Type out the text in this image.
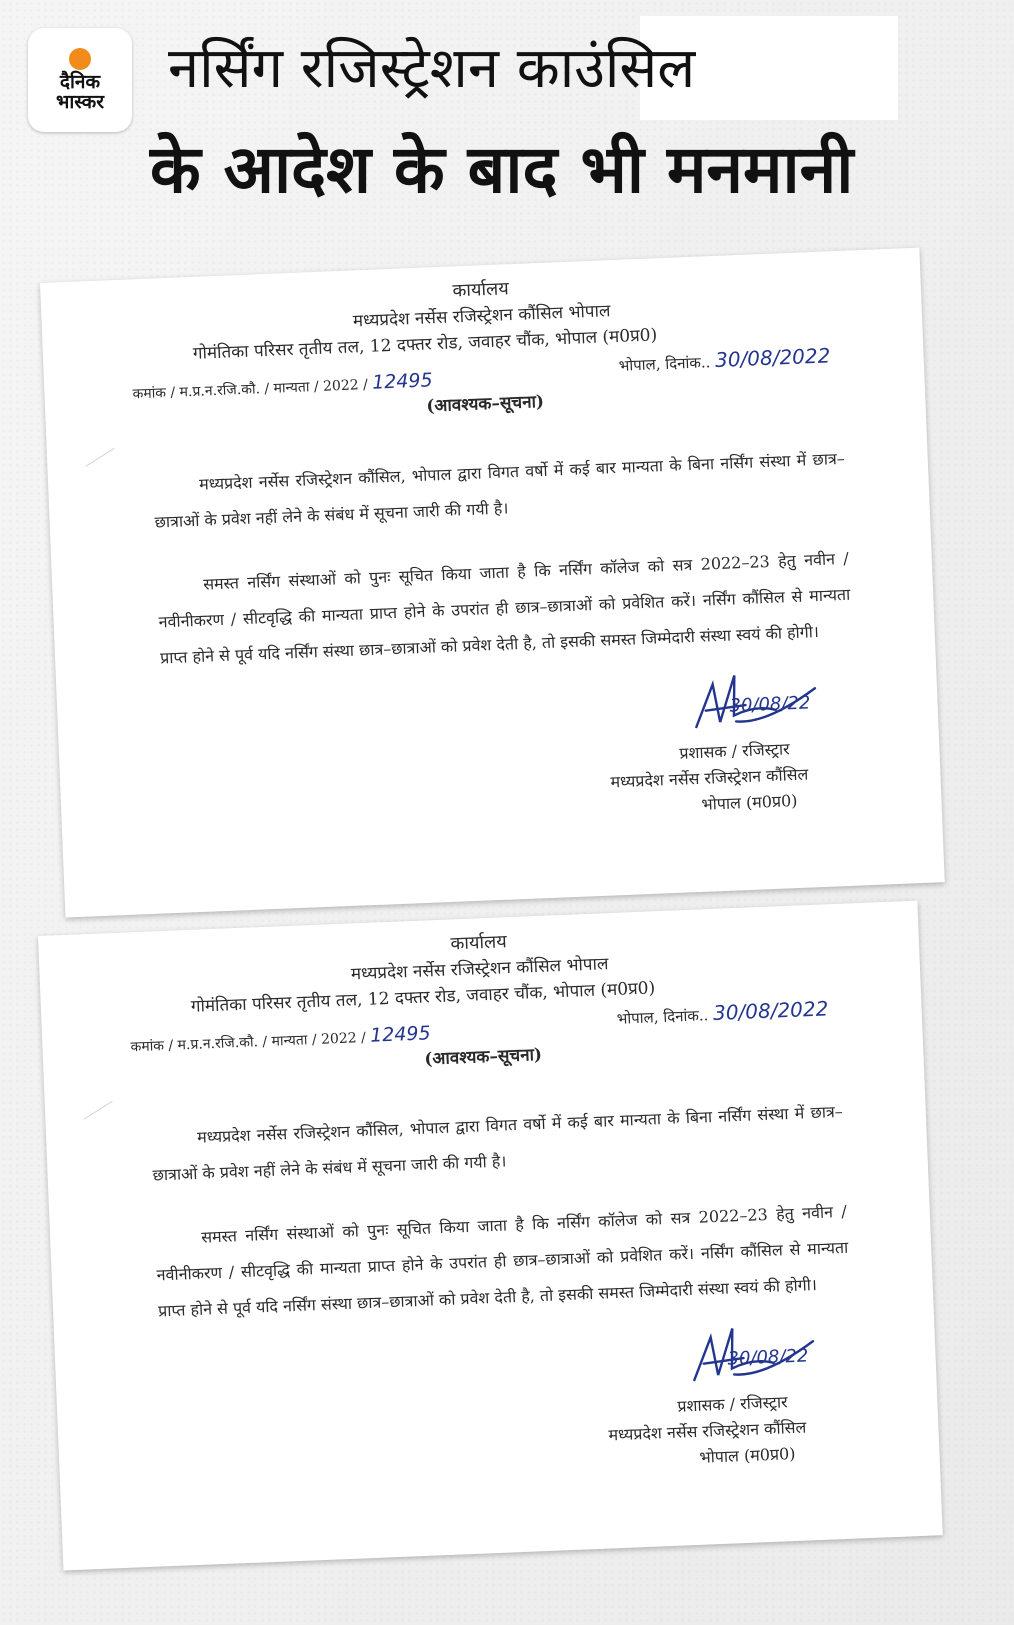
दैनिक
भास्कर
नर्सिंग रजिस्ट्रेशन काउंसिल
के आदेश के बाद भी मनमानी
कार्यालय
मध्यप्रदेश नर्सेस रजिस्ट्रेशन कौंसिल भोपाल
गोमंतिका परिसर तृतीय तल, 12 दफ्तर रोड, जवाहर चौंक, भोपाल (म0प्र0)
भोपाल, दिनांक.. 30/08/2022
कमांक / म.प्र.न.रजि.कौ. / मान्यता / 2022 / 12495
(आवश्यक–सूचना)
मध्यप्रदेश नर्सेस रजिस्ट्रेशन कौंसिल, भोपाल द्वारा विगत वर्षो में कई बार मान्यता के बिना नर्सिंग संस्था में छात्र–छात्राओं के प्रवेश नहीं लेने के संबंध में सूचना जारी की गयी है।
समस्त नर्सिंग संस्थाओं को पुनः सूचित किया जाता है कि नर्सिंग कॉलेज को सत्र 2022–23 हेतु नवीन / नवीनीकरण / सीटवृद्धि की मान्यता प्राप्त होने के उपरांत ही छात्र–छात्राओं को प्रवेशित करें। नर्सिंग कौंसिल से मान्यता प्राप्त होने से पूर्व यदि नर्सिंग संस्था छात्र–छात्राओं को प्रवेश देती है, तो इसकी समस्त जिम्मेदारी संस्था स्वयं की होगी।
30/08/22
प्रशासक / रजिस्ट्रार
मध्यप्रदेश नर्सेस रजिस्ट्रेशन कौंसिल
भोपाल (म0प्र0)
कार्यालय
मध्यप्रदेश नर्सेस रजिस्ट्रेशन कौंसिल भोपाल
गोमंतिका परिसर तृतीय तल, 12 दफ्तर रोड, जवाहर चौंक, भोपाल (म0प्र0)
भोपाल, दिनांक.. 30/08/2022
कमांक / म.प्र.न.रजि.कौ. / मान्यता / 2022 / 12495
(आवश्यक–सूचना)
मध्यप्रदेश नर्सेस रजिस्ट्रेशन कौंसिल, भोपाल द्वारा विगत वर्षो में कई बार मान्यता के बिना नर्सिंग संस्था में छात्र–छात्राओं के प्रवेश नहीं लेने के संबंध में सूचना जारी की गयी है।
समस्त नर्सिंग संस्थाओं को पुनः सूचित किया जाता है कि नर्सिंग कॉलेज को सत्र 2022–23 हेतु नवीन / नवीनीकरण / सीटवृद्धि की मान्यता प्राप्त होने के उपरांत ही छात्र–छात्राओं को प्रवेशित करें। नर्सिंग कौंसिल से मान्यता प्राप्त होने से पूर्व यदि नर्सिंग संस्था छात्र–छात्राओं को प्रवेश देती है, तो इसकी समस्त जिम्मेदारी संस्था स्वयं की होगी।
30/08/22
प्रशासक / रजिस्ट्रार
मध्यप्रदेश नर्सेस रजिस्ट्रेशन कौंसिल
भोपाल (म0प्र0)
